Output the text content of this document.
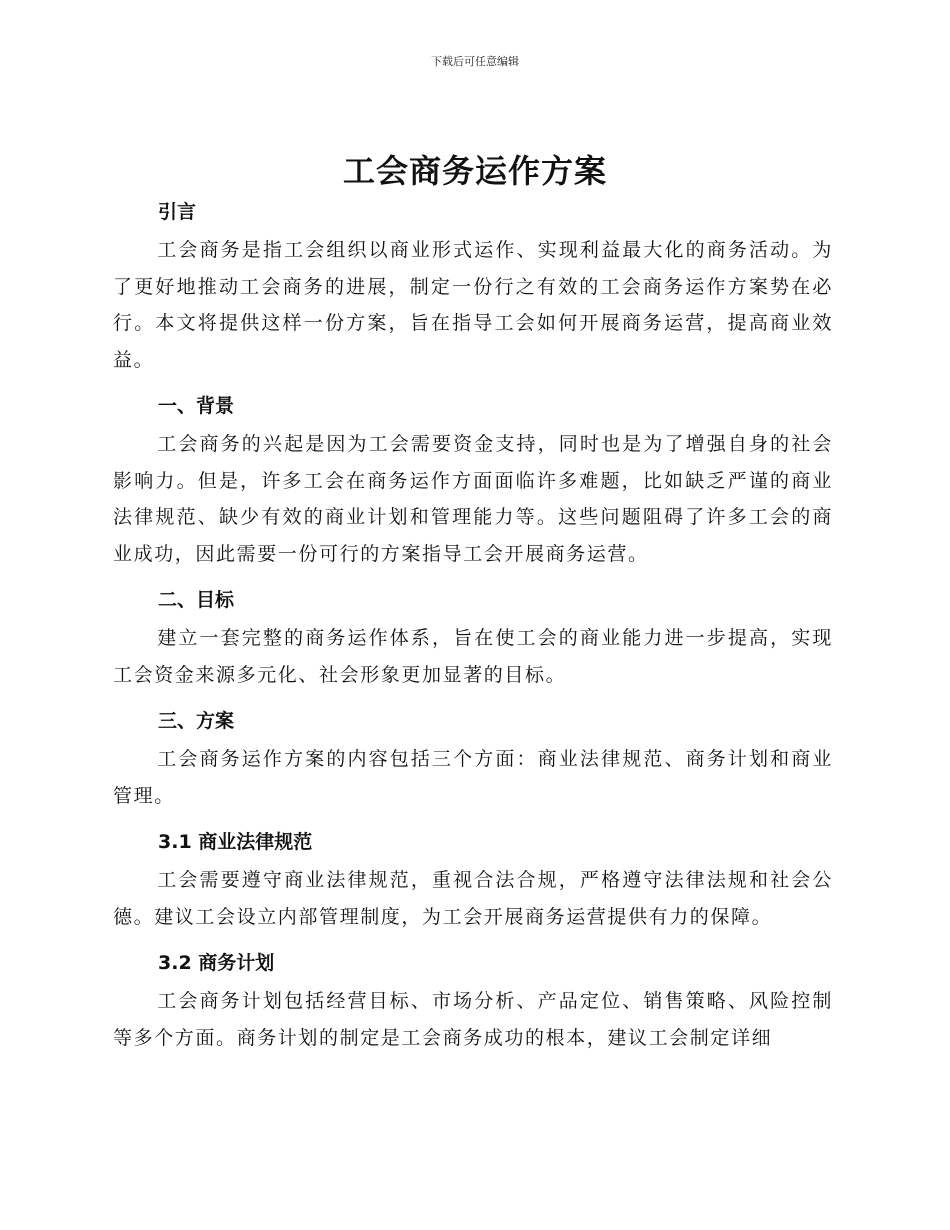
下载后可任意编辑
工会商务运作方案
引言

工会商务是指工会组织以商业形式运作、实现利益最大化的商务活动。为了更好地推动工会商务的进展，制定一份行之有效的工会商务运作方案势在必行。本文将提供这样一份方案，旨在指导工会如何开展商务运营，提高商业效益。

一、背景

工会商务的兴起是因为工会需要资金支持，同时也是为了增强自身的社会影响力。但是，许多工会在商务运作方面面临许多难题，比如缺乏严谨的商业法律规范、缺少有效的商业计划和管理能力等。这些问题阻碍了许多工会的商业成功，因此需要一份可行的方案指导工会开展商务运营。

二、目标

建立一套完整的商务运作体系，旨在使工会的商业能力进一步提高，实现工会资金来源多元化、社会形象更加显著的目标。

三、方案

工会商务运作方案的内容包括三个方面：商业法律规范、商务计划和商业管理。

3.1 商业法律规范

工会需要遵守商业法律规范，重视合法合规，严格遵守法律法规和社会公德。建议工会设立内部管理制度，为工会开展商务运营提供有力的保障。

3.2 商务计划

工会商务计划包括经营目标、市场分析、产品定位、销售策略、风险控制等多个方面。商务计划的制定是工会商务成功的根本，建议工会制定详细
